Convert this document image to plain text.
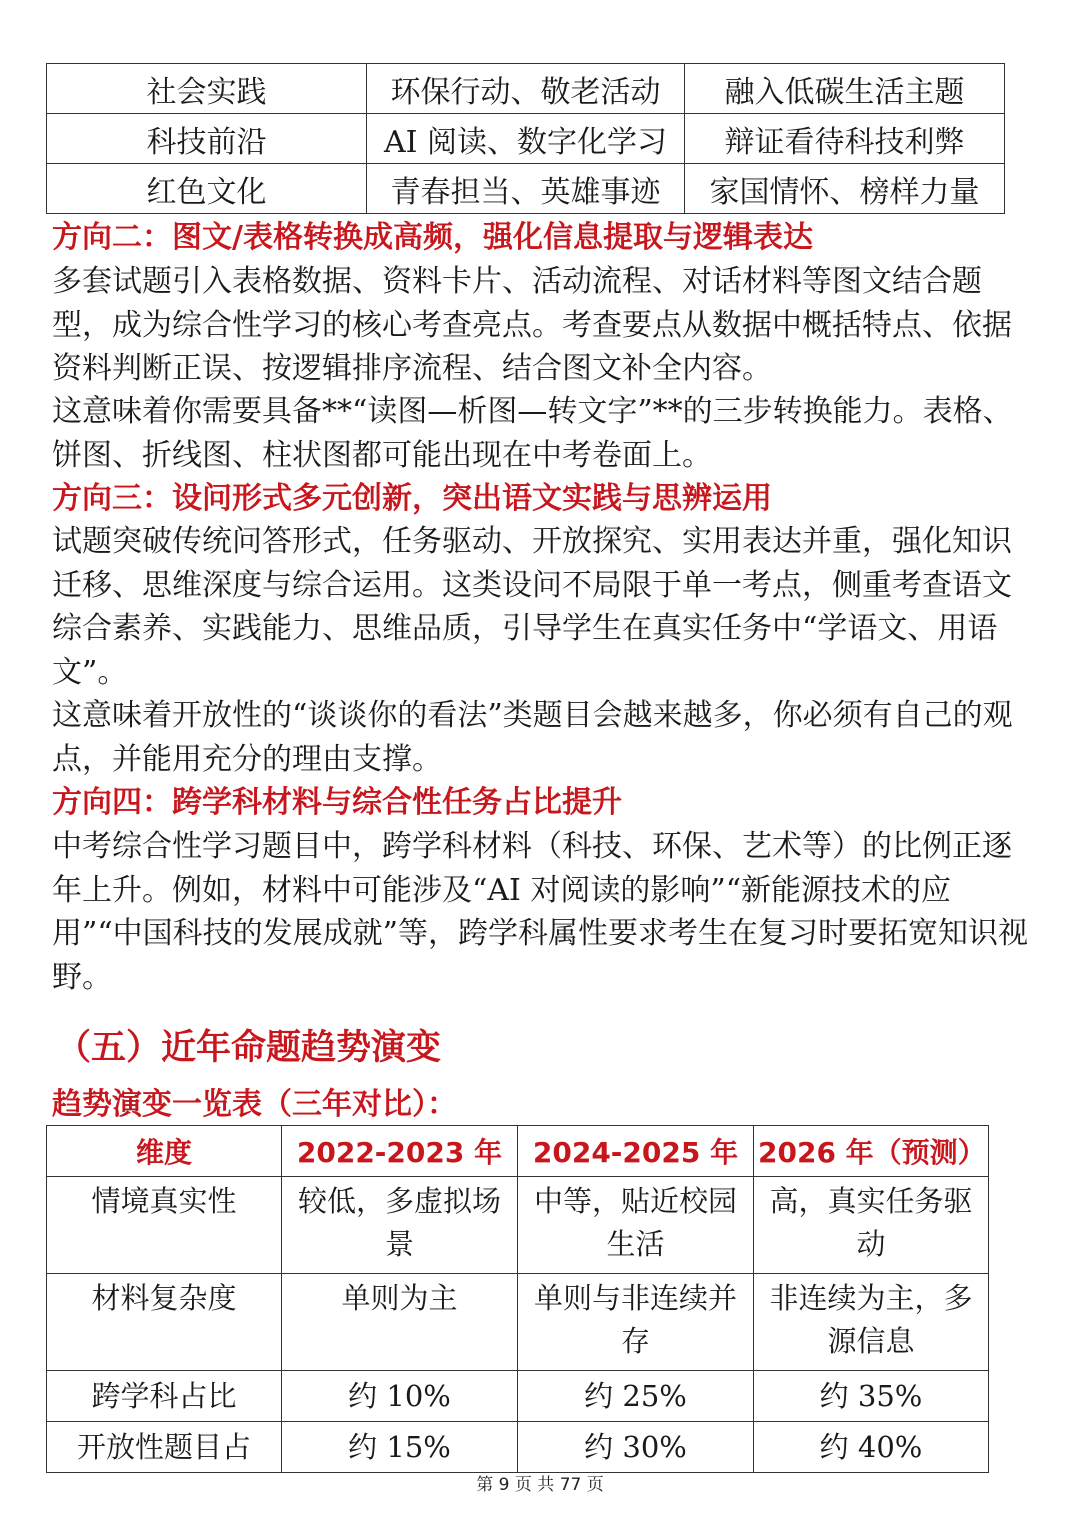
社会实践	环保行动、敬老活动	融入低碳生活主题
科技前沿	AI 阅读、数字化学习	辩证看待科技利弊
红色文化	青春担当、英雄事迹	家国情怀、榜样力量
方向二：图文/表格转换成高频，强化信息提取与逻辑表达

多套试题引入表格数据、资料卡片、活动流程、对话材料等图文结合题型，成为综合性学习的核心考查亮点。考查要点从数据中概括特点、依据资料判断正误、按逻辑排序流程、结合图文补全内容。

这意味着你需要具备**“读图—析图—转文字”**的三步转换能力。表格、饼图、折线图、柱状图都可能出现在中考卷面上。

方向三：设问形式多元创新，突出语文实践与思辨运用

试题突破传统问答形式，任务驱动、开放探究、实用表达并重，强化知识迁移、思维深度与综合运用。这类设问不局限于单一考点，侧重考查语文综合素养、实践能力、思维品质，引导学生在真实任务中“学语文、用语文”。

这意味着开放性的“谈谈你的看法”类题目会越来越多，你必须有自己的观点，并能用充分的理由支撑。

方向四：跨学科材料与综合性任务占比提升

中考综合性学习题目中，跨学科材料（科技、环保、艺术等）的比例正逐年上升。例如，材料中可能涉及“AI 对阅读的影响”“新能源技术的应用”“中国科技的发展成就”等，跨学科属性要求考生在复习时要拓宽知识视野。

（五）近年命题趋势演变
趋势演变一览表（三年对比）：
维度	2022-2023 年	2024-2025 年	2026 年（预测）
情境真实性	较低，多虚拟场景	中等，贴近校园生活	高，真实任务驱动
材料复杂度	单则为主	单则与非连续并存	非连续为主，多源信息
跨学科占比	约 10%	约 25%	约 35%
开放性题目占	约 15%	约 30%	约 40%
第 9 页 共 77 页
